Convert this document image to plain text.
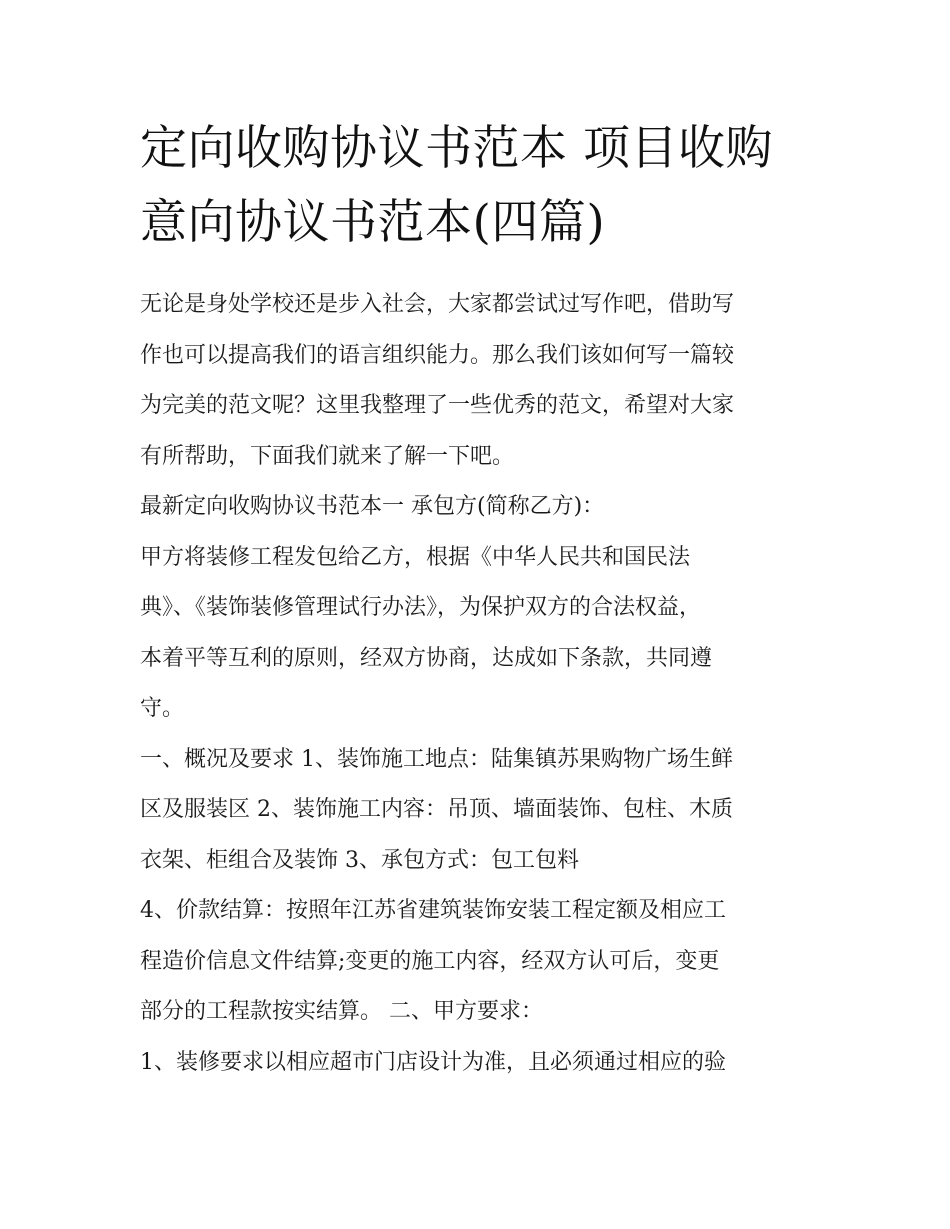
定向收购协议书范本 项目收购
意向协议书范本(四篇)
无论是身处学校还是步入社会，大家都尝试过写作吧，借助写
作也可以提高我们的语言组织能力。那么我们该如何写一篇较
为完美的范文呢？这里我整理了一些优秀的范文，希望对大家
有所帮助，下面我们就来了解一下吧。
最新定向收购协议书范本一 承包方(简称乙方)：
甲方将装修工程发包给乙方，根据《中华人民共和国民法
典》、《装饰装修管理试行办法》，为保护双方的合法权益，
本着平等互利的原则，经双方协商，达成如下条款，共同遵
守。
一、概况及要求 1、装饰施工地点：陆集镇苏果购物广场生鲜
区及服装区 2、装饰施工内容：吊顶、墙面装饰、包柱、木质
衣架、柜组合及装饰 3、承包方式：包工包料
4、价款结算：按照年江苏省建筑装饰安装工程定额及相应工
程造价信息文件结算;变更的施工内容，经双方认可后，变更
部分的工程款按实结算。 二、甲方要求：
1、装修要求以相应超市门店设计为准，且必须通过相应的验
